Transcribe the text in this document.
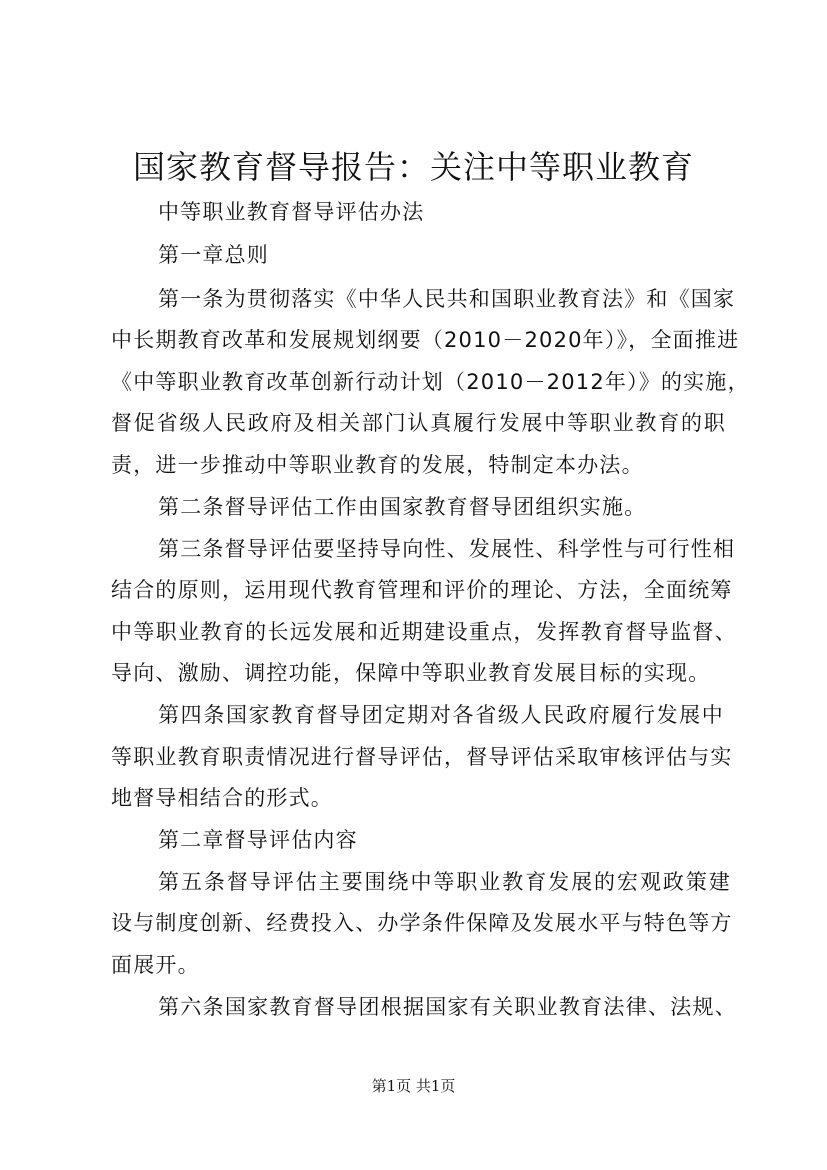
国家教育督导报告：关注中等职业教育
中等职业教育督导评估办法
第一章总则
第一条为贯彻落实《中华人民共和国职业教育法》和《国家
中长期教育改革和发展规划纲要（2010－2020年）》，全面推进
《中等职业教育改革创新行动计划（2010－2012年）》的实施，
督促省级人民政府及相关部门认真履行发展中等职业教育的职
责，进一步推动中等职业教育的发展，特制定本办法。
第二条督导评估工作由国家教育督导团组织实施。
第三条督导评估要坚持导向性、发展性、科学性与可行性相
结合的原则，运用现代教育管理和评价的理论、方法，全面统筹
中等职业教育的长远发展和近期建设重点，发挥教育督导监督、
导向、激励、调控功能，保障中等职业教育发展目标的实现。
第四条国家教育督导团定期对各省级人民政府履行发展中
等职业教育职责情况进行督导评估，督导评估采取审核评估与实
地督导相结合的形式。
第二章督导评估内容
第五条督导评估主要围绕中等职业教育发展的宏观政策建
设与制度创新、经费投入、办学条件保障及发展水平与特色等方
面展开。
第六条国家教育督导团根据国家有关职业教育法律、法规、
第1页 共1页
